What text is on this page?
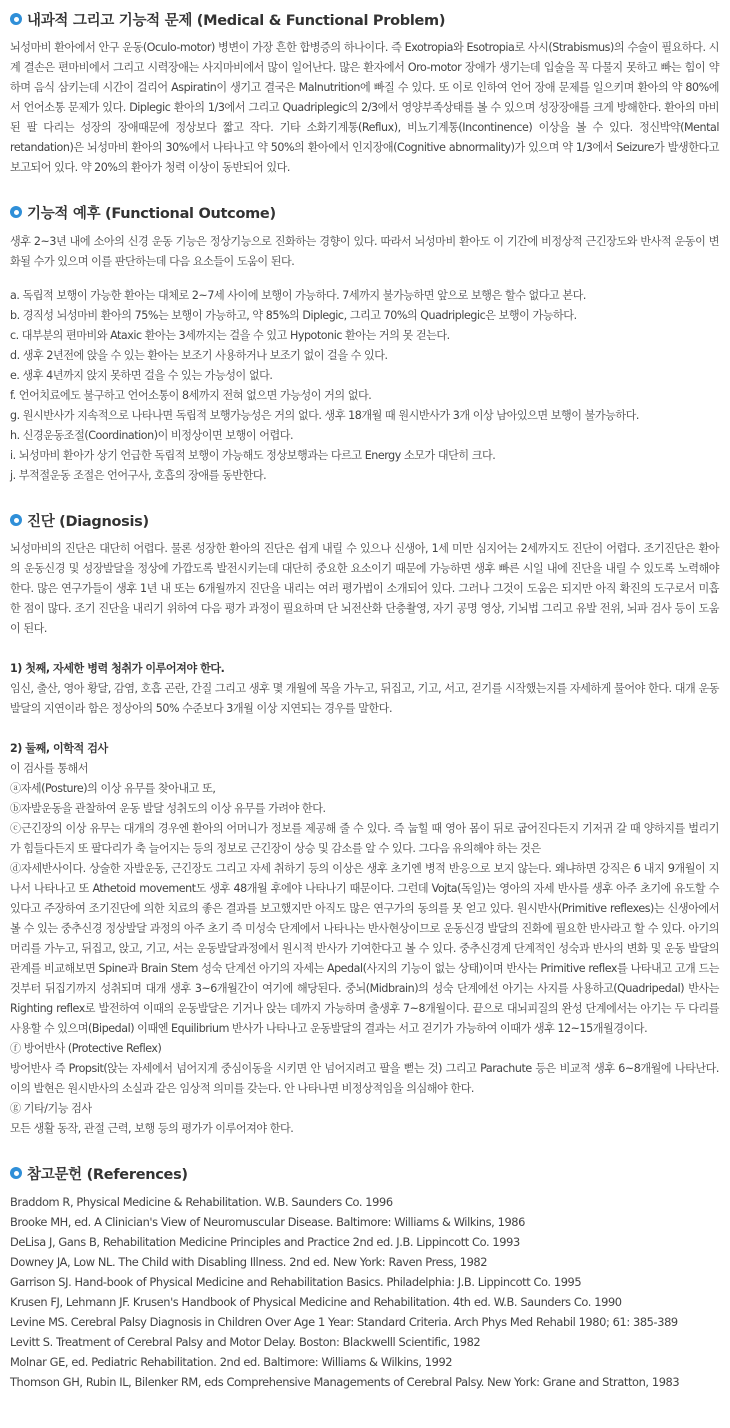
내과적 그리고 기능적 문제 (Medical & Functional Problem)

뇌성마비 환아에서 안구 운동(Oculo-motor) 병변이 가장 흔한 합병증의 하나이다. 즉 Exotropia와 Esotropia로 사시(Strabismus)의 수술이 필요하다. 시계 결손은 편마비에서 그리고 시력장애는 사지마비에서 많이 일어난다. 많은 환자에서 Oro-motor 장애가 생기는데 입술을 꼭 다물지 못하고 빠는 힘이 약하며 음식 삼키는데 시간이 걸리어 Aspiratin이 생기고 결국은 Malnutrition에 빠질 수 있다. 또 이로 인하여 언어 장애 문제를 일으키며 환아의 약 80%에서 언어소통 문제가 있다. Diplegic 환아의 1/3에서 그리고 Quadriplegic의 2/3에서 영양부족상태를 볼 수 있으며 성장장애를 크게 방해한다. 환아의 마비된 팔 다리는 성장의 장애때문에 정상보다 짧고 작다. 기타 소화기계통(Reflux), 비뇨기계통(Incontinence) 이상을 볼 수 있다. 정신박약(Mental retandation)은 뇌성마비 환아의 30%에서 나타나고 약 50%의 환아에서 인지장애(Cognitive abnormality)가 있으며 약 1/3에서 Seizure가 발생한다고 보고되어 있다. 약 20%의 환아가 청력 이상이 동반되어 있다.

기능적 예후 (Functional Outcome)

생후 2~3년 내에 소아의 신경 운동 기능은 정상기능으로 진화하는 경향이 있다. 따라서 뇌성마비 환아도 이 기간에 비정상적 근긴장도와 반사적 운동이 변화될 수가 있으며 이를 판단하는데 다음 요소들이 도움이 된다.

a. 독립적 보행이 가능한 환아는 대체로 2~7세 사이에 보행이 가능하다. 7세까지 불가능하면 앞으로 보행은 할수 없다고 본다.

b. 경직성 뇌성마비 환아의 75%는 보행이 가능하고, 약 85%의 Diplegic, 그리고 70%의 Quadriplegic은 보행이 가능하다.

c. 대부분의 편마비와 Ataxic 환아는 3세까지는 걸을 수 있고 Hypotonic 환아는 거의 못 걷는다.

d. 생후 2년전에 앉을 수 있는 환아는 보조기 사용하거나 보조기 없이 걸을 수 있다.

e. 생후 4년까지 앉지 못하면 걸을 수 있는 가능성이 없다.

f. 언어치료에도 불구하고 언어소통이 8세까지 전혀 없으면 가능성이 거의 없다.

g. 원시반사가 지속적으로 나타나면 독립적 보행가능성은 거의 없다. 생후 18개월 때 원시반사가 3개 이상 남아있으면 보행이 불가능하다.

h. 신경운동조절(Coordination)이 비정상이면 보행이 어렵다.

i. 뇌성마비 환아가 상기 언급한 독립적 보행이 가능해도 정상보행과는 다르고 Energy 소모가 대단히 크다.

j. 부적절운동 조절은 언어구사, 호흡의 장애를 동반한다.

진단 (Diagnosis)

뇌성마비의 진단은 대단히 어렵다. 물론 성장한 환아의 진단은 쉽게 내릴 수 있으나 신생아, 1세 미만 심지어는 2세까지도 진단이 어렵다. 조기진단은 환아의 운동신경 및 성장발달을 정상에 가깝도록 발전시키는데 대단히 중요한 요소이기 때문에 가능하면 생후 빠른 시일 내에 진단을 내릴 수 있도록 노력해야 한다. 많은 연구가들이 생후 1년 내 또는 6개월까지 진단을 내리는 여러 평가법이 소개되어 있다. 그러나 그것이 도움은 되지만 아직 확진의 도구로서 미흡한 점이 많다. 조기 진단을 내리기 위하여 다음 평가 과정이 필요하며 단 뇌전산화 단층촬영, 자기 공명 영상, 기뇌법 그리고 유발 전위, 뇌파 검사 등이 도움이 된다.

1) 첫째, 자세한 병력 청취가 이루어져야 한다.

임신, 출산, 영아 황달, 감염, 호흡 곤란, 간질 그리고 생후 몇 개월에 목을 가누고, 뒤집고, 기고, 서고, 걷기를 시작했는지를 자세하게 물어야 한다. 대개 운동 발달의 지연이라 함은 정상아의 50% 수준보다 3개월 이상 지연되는 경우를 말한다.

2) 둘째, 이학적 검사

이 검사를 통해서

ⓐ자세(Posture)의 이상 유무를 찾아내고 또,

ⓑ자발운동을 관찰하여 운동 발달 성취도의 이상 유무를 가려야 한다.

ⓒ근긴장의 이상 유무는 대개의 경우엔 환아의 어머니가 정보를 제공해 줄 수 있다. 즉 눕힐 때 영아 몸이 뒤로 굽어진다든지 기저귀 갈 때 양하지를 벌리기가 힘들다든지 또 팔다리가 축 늘어지는 등의 정보로 근긴장이 상승 및 감소를 알 수 있다. 그다음 유의해야 하는 것은

ⓓ자세반사이다. 상술한 자발운동, 근긴장도 그리고 자세 취하기 등의 이상은 생후 초기엔 병적 반응으로 보지 않는다. 왜냐하면 강직은 6 내지 9개월이 지나서 나타나고 또 Athetoid movement도 생후 48개월 후에야 나타나기 때문이다. 그런데 Vojta(독일)는 영아의 자세 반사를 생후 아주 초기에 유도할 수 있다고 주장하여 조기진단에 의한 치료의 좋은 결과를 보고했지만 아직도 많은 연구가의 동의를 못 얻고 있다. 원시반사(Primitive reflexes)는 신생아에서 볼 수 있는 중추신경 정상발달 과정의 아주 초기 즉 미성숙 단계에서 나타나는 반사현상이므로 운동신경 발달의 진화에 필요한 반사라고 할 수 있다. 아기의 머리를 가누고, 뒤집고, 앉고, 기고, 서는 운동발달과정에서 원시적 반사가 기여한다고 볼 수 있다. 중추신경계 단계적인 성숙과 반사의 변화 및 운동 발달의 관계를 비교해보면 Spine과 Brain Stem 성숙 단계선 아기의 자세는 Apedal(사지의 기능이 없는 상태)이며 반사는 Primitive reflex를 나타내고 고개 드는 것부터 뒤집기까지 성취되며 대개 생후 3~6개월간이 여기에 해당된다. 중뇌(Midbrain)의 성숙 단계에선 아기는 사지를 사용하고(Quadripedal) 반사는 Righting reflex로 발전하여 이때의 운동발달은 기거나 앉는 데까지 가능하며 출생후 7~8개월이다. 끝으로 대뇌피질의 완성 단계에서는 아기는 두 다리를 사용할 수 있으며(Bipedal) 이때엔 Equilibrium 반사가 나타나고 운동발달의 결과는 서고 걷기가 가능하여 이때가 생후 12~15개월경이다.

ⓕ 방어반사 (Protective Reflex)

방어반사 즉 Propsit(앉는 자세에서 넘어지게 중심이동을 시키면 안 넘어지려고 팔을 뻗는 것) 그리고 Parachute 등은 비교적 생후 6~8개월에 나타난다. 이의 발현은 원시반사의 소실과 같은 임상적 의미를 갖는다. 안 나타나면 비정상적임을 의심해야 한다.

ⓖ 기타/기능 검사

모든 생활 동작, 관절 근력, 보행 등의 평가가 이루어져야 한다.

참고문헌 (References)

Braddom R, Physical Medicine & Rehabilitation. W.B. Saunders Co. 1996

Brooke MH, ed. A Clinician's View of Neuromuscular Disease. Baltimore: Williams & Wilkins, 1986

DeLisa J, Gans B, Rehabilitation Medicine Principles and Practice 2nd ed. J.B. Lippincott Co. 1993

Downey JA, Low NL. The Child with Disabling Illness. 2nd ed. New York: Raven Press, 1982

Garrison SJ. Hand-book of Physical Medicine and Rehabilitation Basics. Philadelphia: J.B. Lippincott Co. 1995

Krusen FJ, Lehmann JF. Krusen's Handbook of Physical Medicine and Rehabilitation. 4th ed. W.B. Saunders Co. 1990

Levine MS. Cerebral Palsy Diagnosis in Children Over Age 1 Year: Standard Criteria. Arch Phys Med Rehabil 1980; 61: 385-389

Levitt S. Treatment of Cerebral Palsy and Motor Delay. Boston: Blackwelll Scientific, 1982

Molnar GE, ed. Pediatric Rehabilitation. 2nd ed. Baltimore: Williams & Wilkins, 1992

Thomson GH, Rubin IL, Bilenker RM, eds Comprehensive Managements of Cerebral Palsy. New York: Grane and Stratton, 1983
